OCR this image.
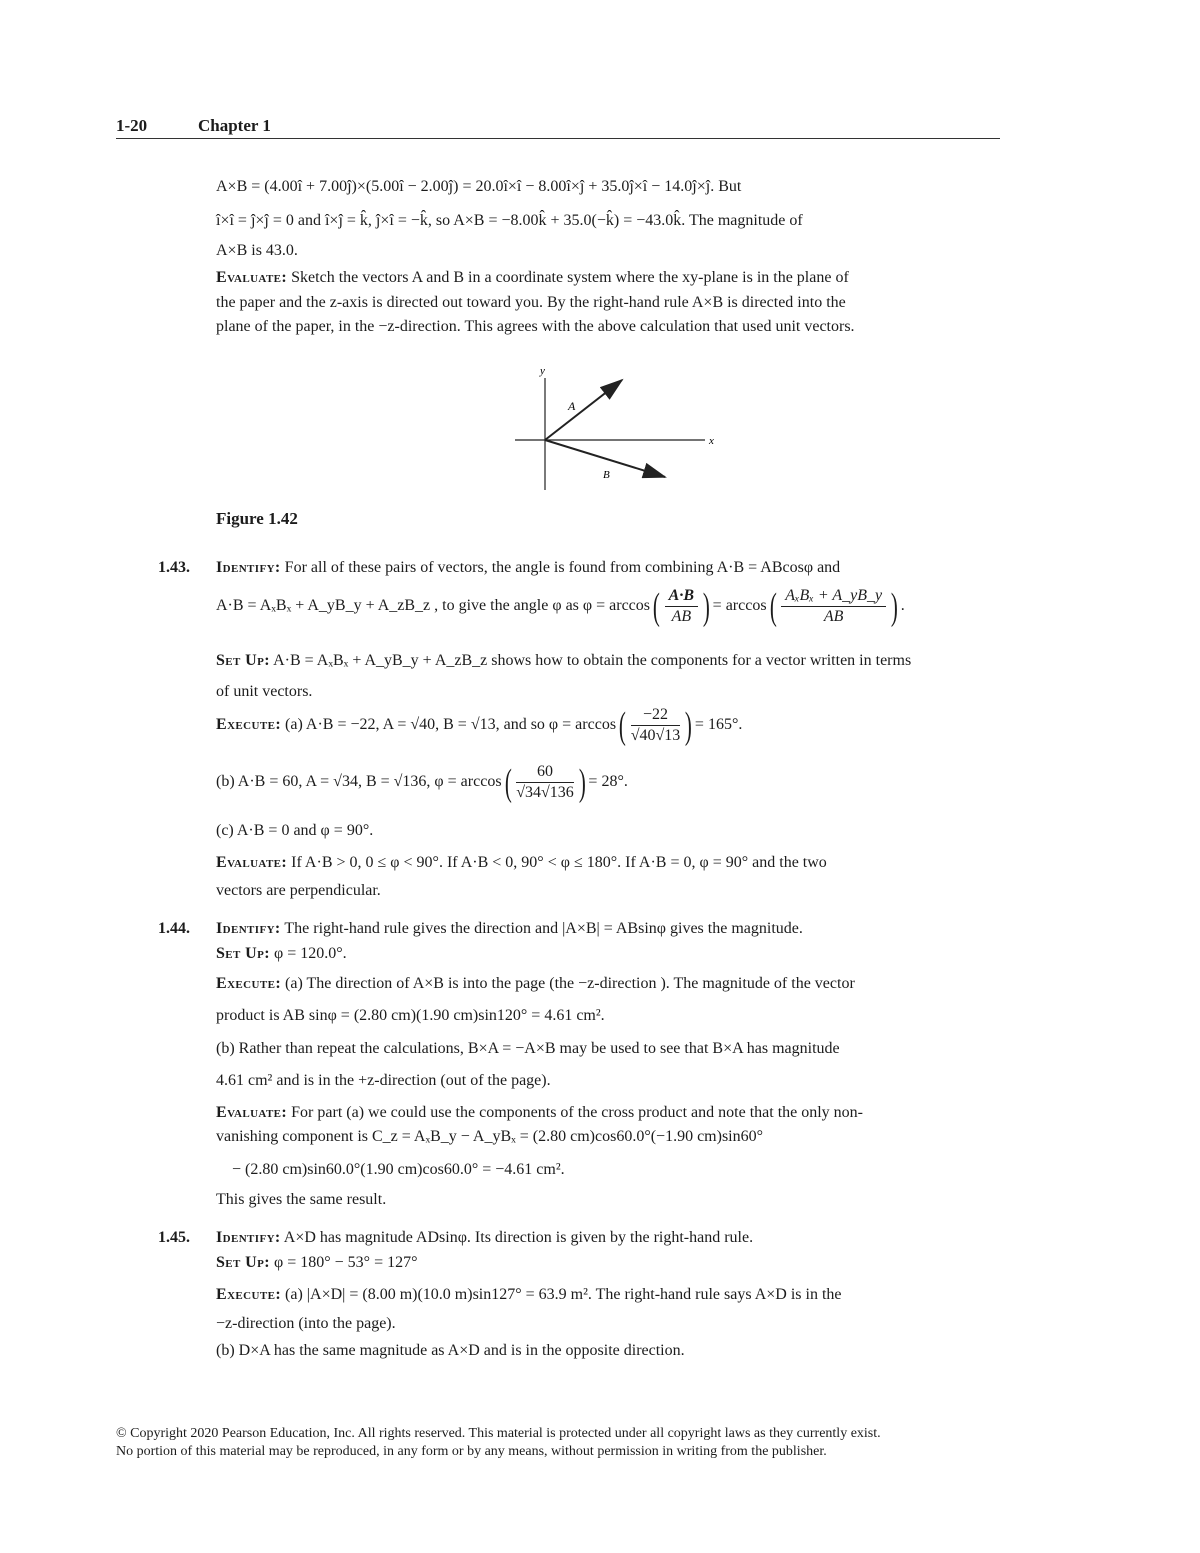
1-20	Chapter 1
A×B = (4.00î + 7.00ĵ)×(5.00î − 2.00ĵ) = 20.0î×î − 8.00î×ĵ + 35.0ĵ×î − 14.0ĵ×ĵ. But
î×î = ĵ×ĵ = 0 and î×ĵ = k̂, ĵ×î = −k̂, so A×B = −8.00k̂ + 35.0(−k̂) = −43.0k̂. The magnitude of
A×B is 43.0.
Evaluate: Sketch the vectors A and B in a coordinate system where the xy-plane is in the plane of
the paper and the z-axis is directed out toward you. By the right-hand rule A×B is directed into the
plane of the paper, in the −z-direction. This agrees with the above calculation that used unit vectors.
y
x
A
B
Figure 1.42
1.43. Identify: For all of these pairs of vectors, the angle is found from combining A·B = ABcosφ and
A·B = AₓBₓ + A_yB_y + A_zB_z , to give the angle φ as $\varphi = \arccos( \frac{A\cdot B}{AB}$ ) = $\arccos( \frac{\text{AₓBₓ + A\_yB\_y}}{AB}$ ) .
Set Up: A·B = AₓBₓ + A_yB_y + A_zB_z shows how to obtain the components for a vector written in terms
of unit vectors.
Execute: (a) A·B = −22, A = √40, B = √13, and so $\varphi = \arccos( \frac{-22}{√40√13}$ ) = 165°.
(b) A·B = 60, A = √34, B = √136, $\varphi = \arccos( \frac{60}{√34√136}$ ) = 28°.
(c) A·B = 0 and φ = 90°.
Evaluate: If A·B > 0, 0 ≤ φ < 90°. If A·B < 0, 90° < φ ≤ 180°. If A·B = 0, φ = 90° and the two
vectors are perpendicular.
1.44. Identify: The right-hand rule gives the direction and |A×B| = ABsinφ gives the magnitude.
Set Up: φ = 120.0°.
Execute: (a) The direction of A×B is into the page (the −z-direction ). The magnitude of the vector
product is AB sinφ = (2.80 cm)(1.90 cm)sin120° = 4.61 cm².
(b) Rather than repeat the calculations, B×A = −A×B may be used to see that B×A has magnitude
4.61 cm² and is in the +z-direction (out of the page).
Evaluate: For part (a) we could use the components of the cross product and note that the only non-
vanishing component is C_z = AₓB_y − A_yBₓ = (2.80 cm)cos60.0°(−1.90 cm)sin60°
− (2.80 cm)sin60.0°(1.90 cm)cos60.0° = −4.61 cm².
This gives the same result.
1.45. Identify: A×D has magnitude ADsinφ. Its direction is given by the right-hand rule.
Set Up: φ = 180° − 53° = 127°
Execute: (a) |A×D| = (8.00 m)(10.0 m)sin127° = 63.9 m². The right-hand rule says A×D is in the
−z-direction (into the page).
(b) D×A has the same magnitude as A×D and is in the opposite direction.
© Copyright 2020 Pearson Education, Inc. All rights reserved. This material is protected under all copyright laws as they currently exist.
No portion of this material may be reproduced, in any form or by any means, without permission in writing from the publisher.
